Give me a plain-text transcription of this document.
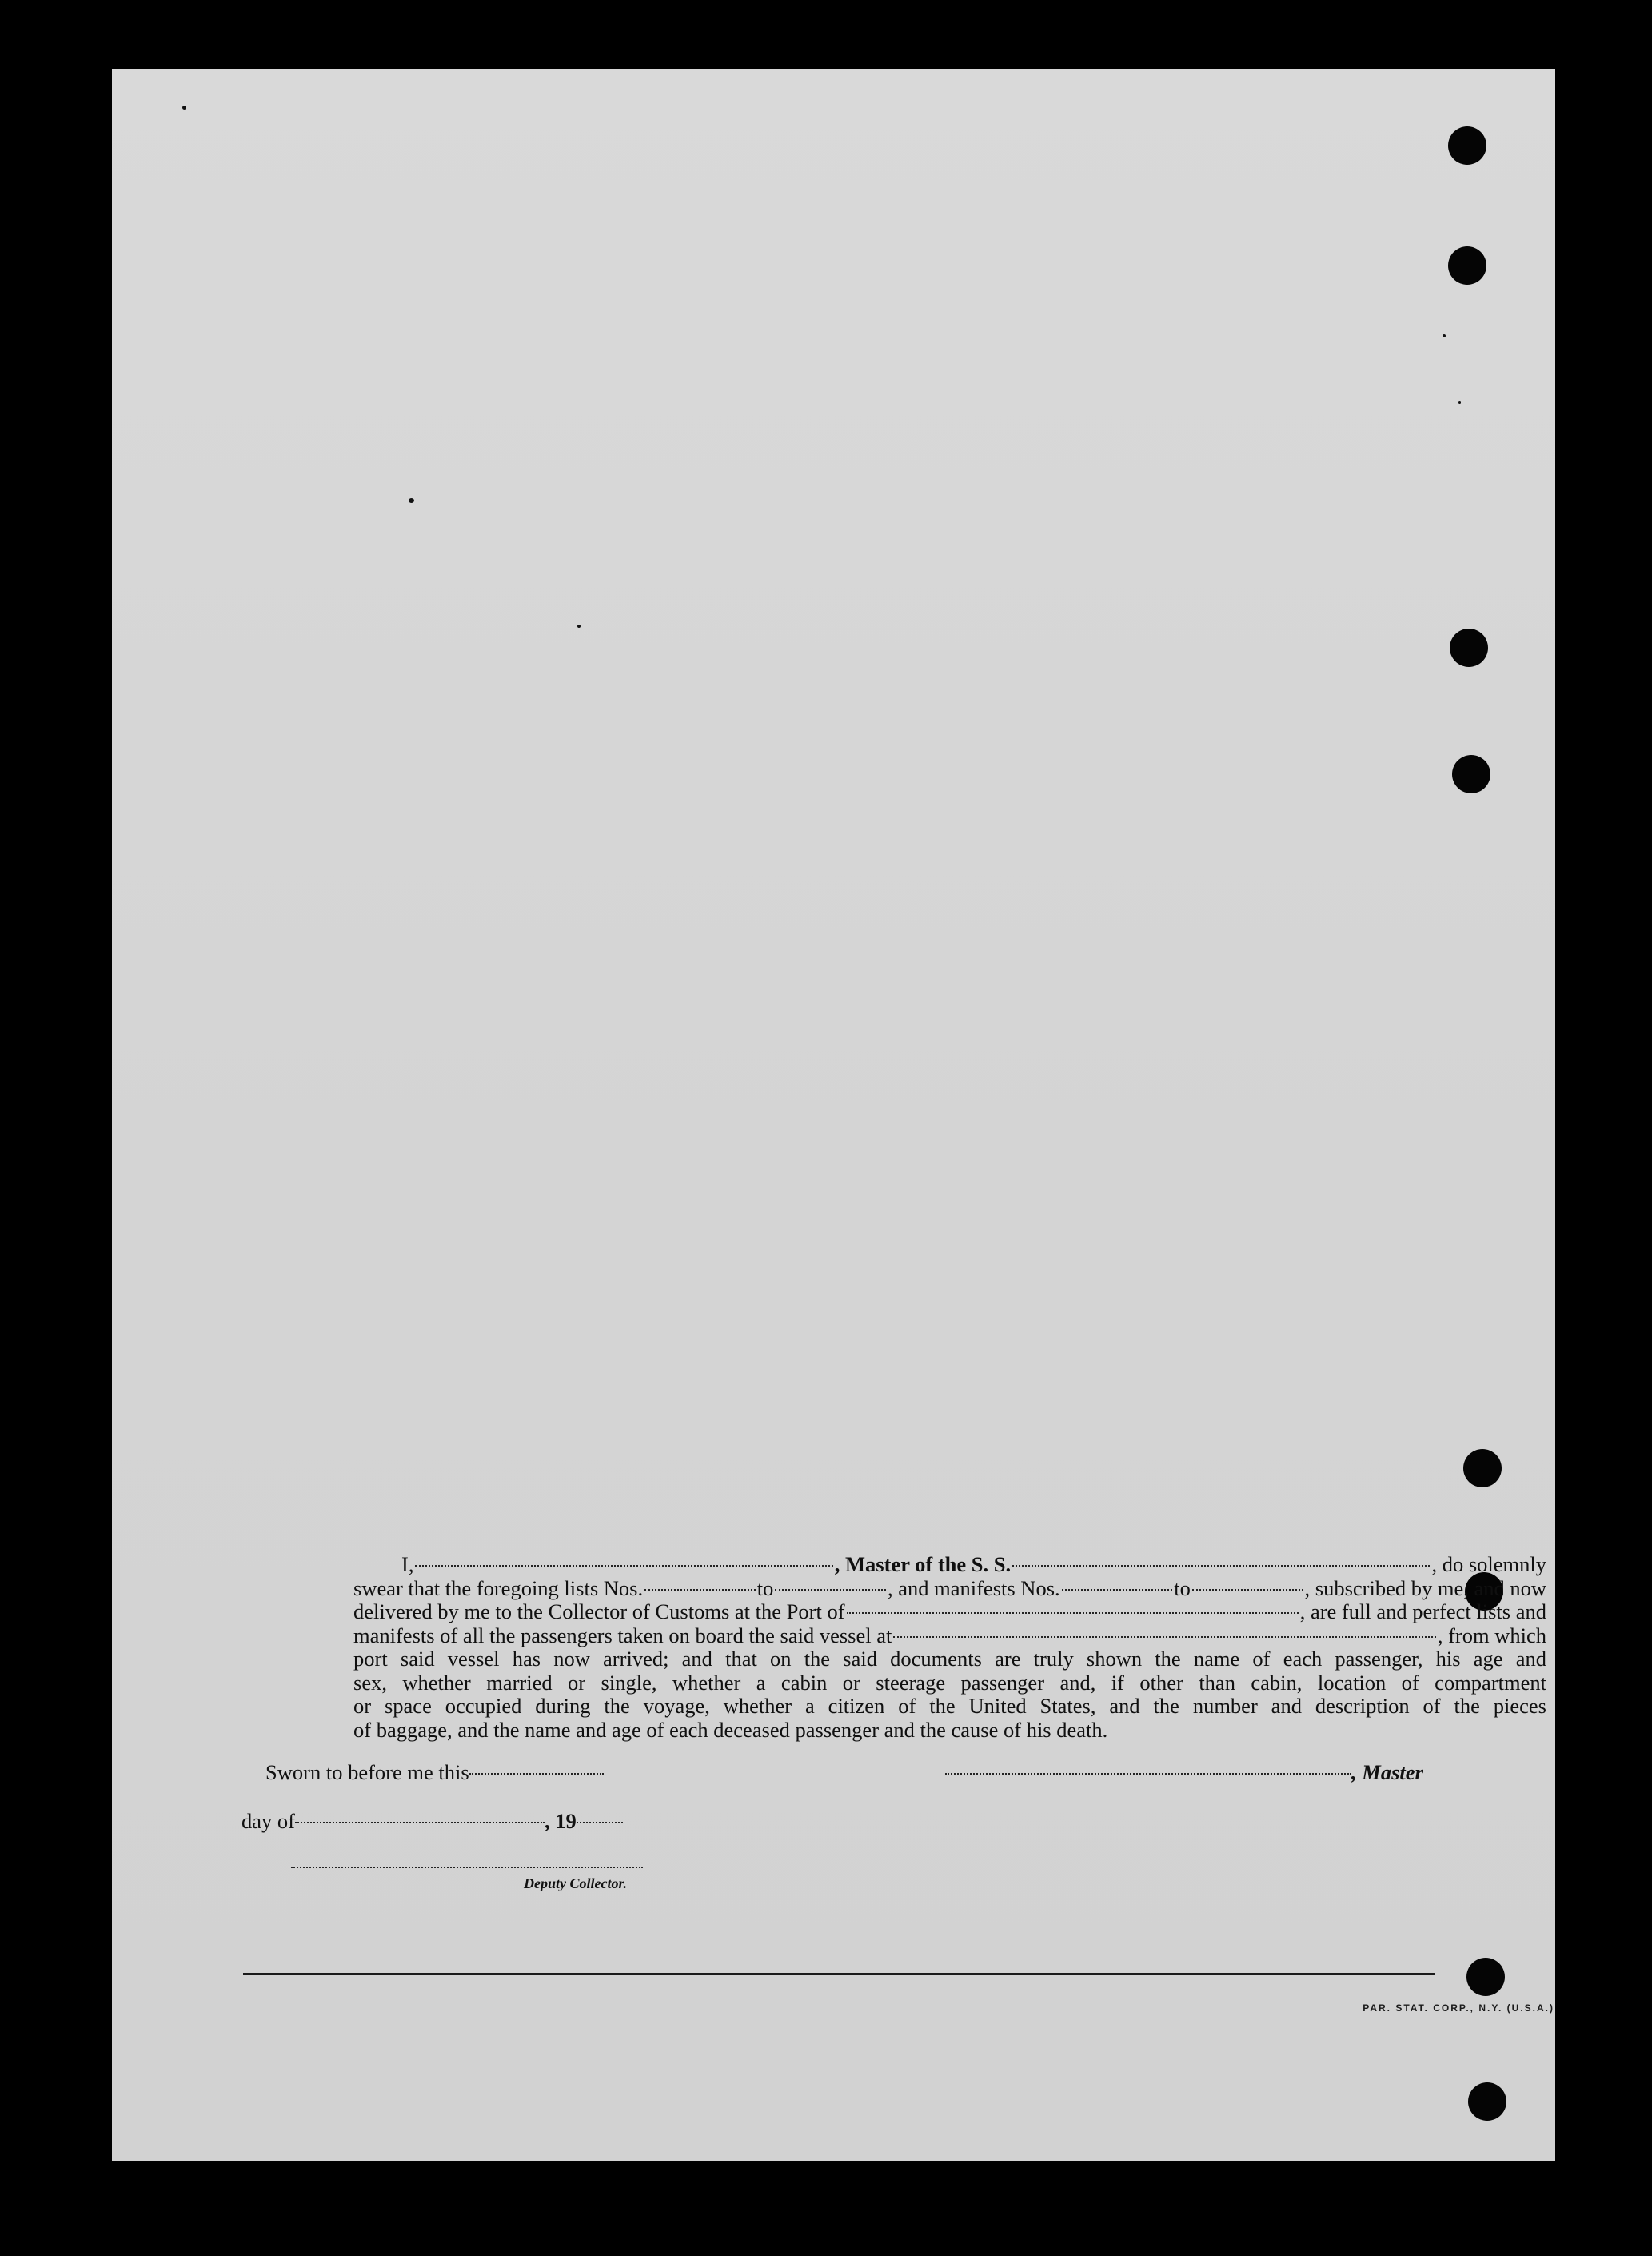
I,	, Master of the S. S.	, do solemnly
swear that the foregoing lists Nos.	to	, and manifests Nos.	to	, subscribed by me, and now
delivered by me to the Collector of Customs at the Port of	, are full and perfect lists and
manifests of all the passengers taken on board the said vessel at	, from which
port said vessel has now arrived; and that on the said documents are truly shown the name of each passenger, his age and
sex, whether married or single, whether a cabin or steerage passenger and, if other than cabin, location of compartment
or space occupied during the voyage, whether a citizen of the United States, and the number and description of the pieces
of baggage, and the name and age of each deceased passenger and the cause of his death.
Sworn to before me this	, Master
day of	, 19
Deputy Collector.
PAR. STAT. CORP., N.Y. (U.S.A.)
